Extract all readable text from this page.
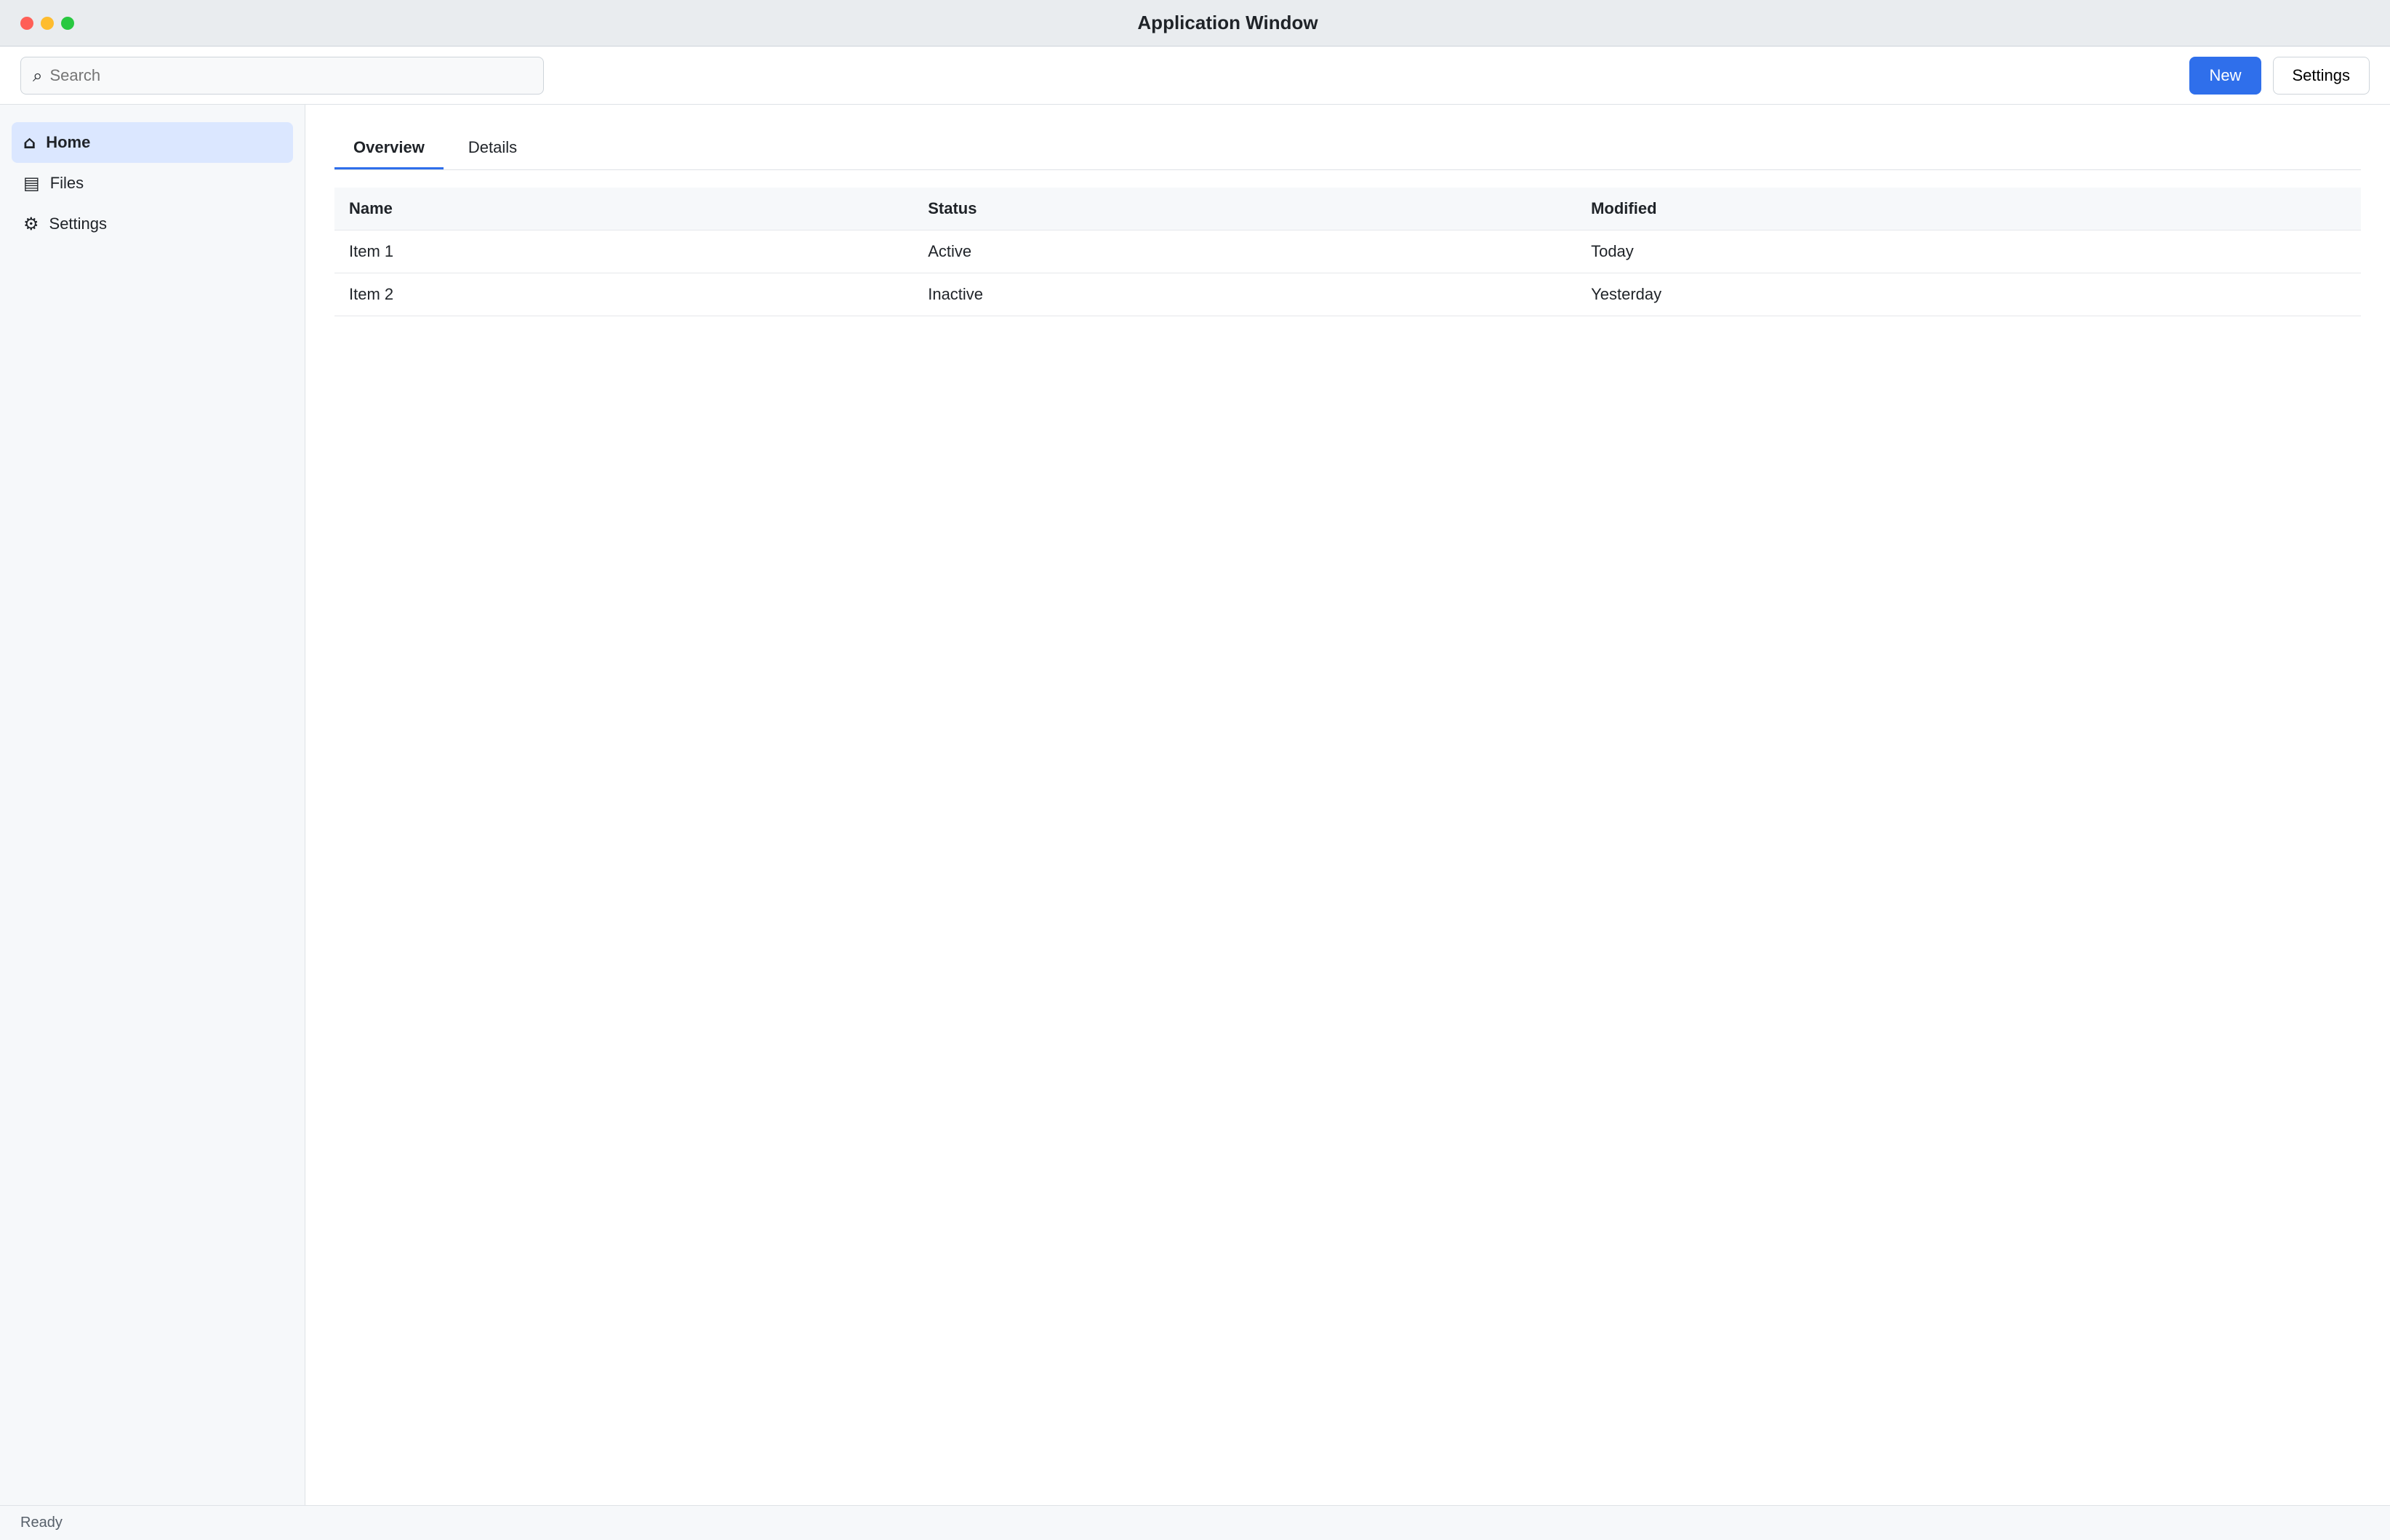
Application Window
⌕
Search	New	Settings
⌂ Home
▤ Files
⚙ Settings
Overview	Details
Name	Status	Modified
Item 1	Active	Today
Item 2	Inactive	Yesterday
Ready
